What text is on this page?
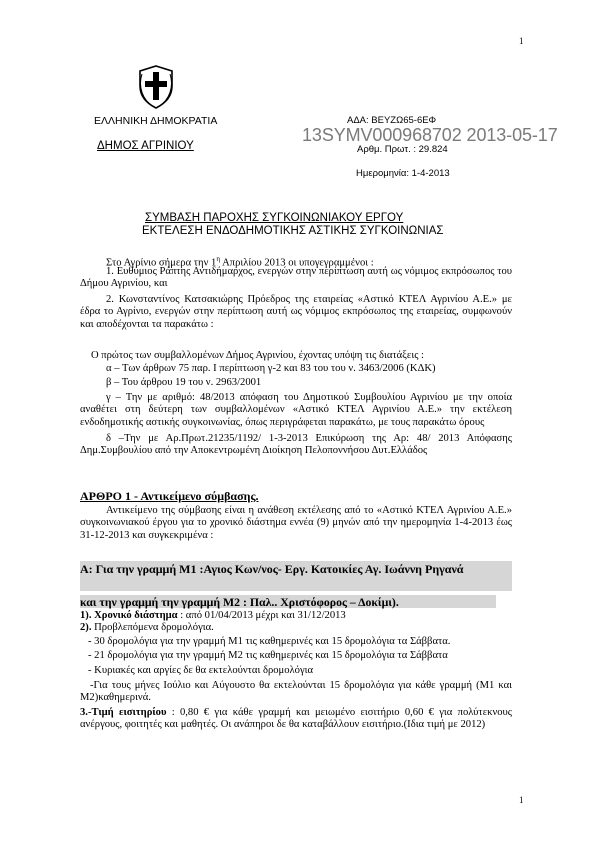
1
1
ΕΛΛΗΝΙΚΗ ΔΗΜΟΚΡΑΤΙΑ
ΔΗΜΟΣ ΑΓΡΙΝΙΟΥ
ΑΔΑ: ΒΕΥΖΩ65-6ΕΦ
13SYMV000968702 2013-05-17
Αρθμ. Πρωτ. : 29.824
Ημερομηνία: 1-4-2013
ΣΥΜΒΑΣΗ ΠΑΡΟΧΗΣ ΣΥΓΚΟΙΝΩΝΙΑΚΟΥ ΕΡΓΟΥ
ΕΚΤΕΛΕΣΗ ΕΝΔΟΔΗΜΟΤΙΚΗΣ ΑΣΤΙΚΗΣ ΣΥΓΚΟΙΝΩΝΙΑΣ
Στο Αγρίνιο σήμερα την $1^\eta$ Απριλίου 2013 οι υπογεγραμμένοι :
1. Ευθύμιος Ράπτης Αντιδήμαρχος, ενεργών στην περίπτωση αυτή ως νόμιμος εκπρόσωπος του Δήμου Αγρινίου, και
2. Κωνσταντίνος Κατσακιώρης Πρόεδρος της εταιρείας «Αστικό ΚΤΕΛ Αγρινίου Α.Ε.» με έδρα το Αγρίνιο, ενεργών στην περίπτωση αυτή ως νόμιμος εκπρόσωπος της εταιρείας, συμφωνούν και αποδέχονται τα παρακάτω :
Ο πρώτος των συμβαλλομένων Δήμος Αγρινίου, έχοντας υπόψη τις διατάξεις :
α – Των άρθρων 75 παρ. Ι περίπτωση γ-2 και 83 του του ν. 3463/2006 (ΚΔΚ)
β – Του άρθρου 19 του ν. 2963/2001
γ – Την με αριθμό: 48/2013 απόφαση του Δημοτικού Συμβουλίου Αγρινίου με την οποία αναθέτει στη δεύτερη των συμβαλλομένων «Αστικό ΚΤΕΛ Αγρινίου Α.Ε.» την εκτέλεση ενδοδημοτικής αστικής συγκοινωνίας, όπως περιγράφεται παρακάτω, με τους παρακάτω όρους
δ –Την με Αρ.Πρωτ.21235/1192/ 1-3-2013 Επικύρωση της Αρ: 48/ 2013 Απόφασης Δημ.Συμβουλίου από την Αποκεντρωμένη Διοίκηση Πελοποννήσου Δυτ.Ελλάδος
ΑΡΘΡΟ 1 - Αντικείμενο σύμβασης.
Αντικείμενο της σύμβασης είναι η ανάθεση εκτέλεσης από το «Αστικό ΚΤΕΛ Αγρινίου Α.Ε.» συγκοινωνιακού έργου για το χρονικό διάστημα εννέα (9) μηνών από την ημερομηνία 1-4-2013 έως 31-12-2013 και συγκεκριμένα :
Α: Για την γραμμή Μ1 :Αγιος Κων/νος- Εργ. Κατοικίες Αγ. Ιωάννη Ρηγανά
και την γραμμή την γραμμή Μ2 : Παλ.. Χριστόφορος – Δοκίμι).
1). Χρονικό διάστημα : από 01/04/2013 μέχρι και 31/12/2013
2). Προβλεπόμενα δρομολόγια.
- 30 δρομολόγια για την γραμμή Μ1 τις καθημερινές και 15 δρομολόγια τα Σάββατα.
- 21 δρομολόγια για την γραμμή Μ2 τις καθημερινές και 15 δρομολόγια τα Σάββατα
- Κυριακές και αργίες δε θα εκτελούνται δρομολόγια
-Για τους μήνες Ιούλιο και Αύγουστο θα εκτελούνται 15 δρομολόγια για κάθε γραμμή (Μ1 και Μ2)καθημερινά.
3.-Τιμή εισιτηρίου : 0,80 € για κάθε γραμμή και μειωμένο εισιτήριο 0,60 € για πολύτεκνους ανέργους, φοιτητές και μαθητές. Οι ανάπηροι δε θα καταβάλλουν εισιτήριο.(Ιδια τιμή με 2012)
